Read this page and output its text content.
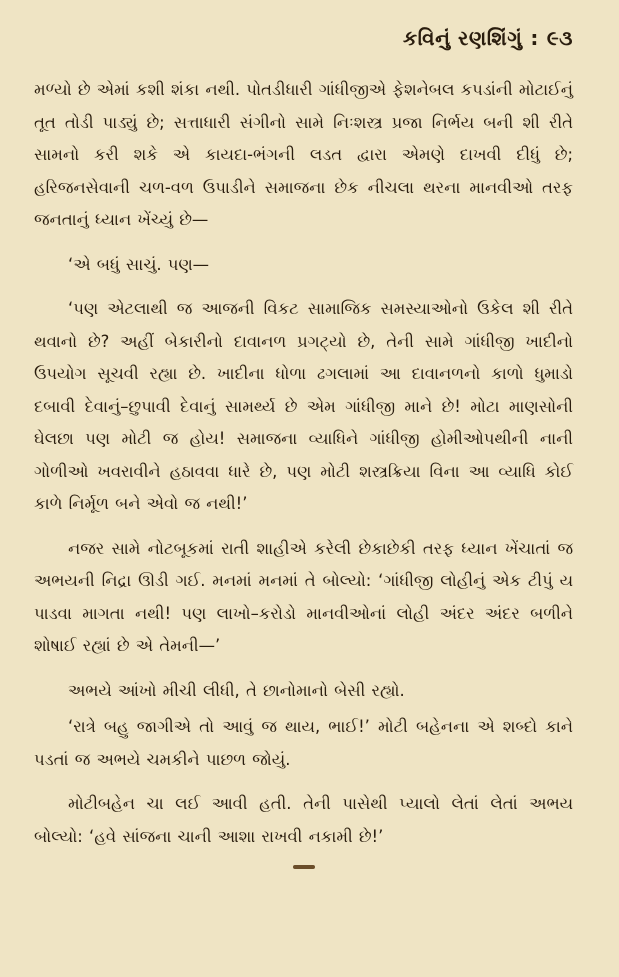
કવિનું રણશિંગું : ૯૩

મળ્યો છે એમાં કશી શંકા નથી. પોતડીધારી ગાંધીજીએ ફેશનેબલ કપડાંની મોટાઈનું તૂત તોડી પાડ્યું છે; સત્તાધારી સંગીનો સામે નિઃશસ્ત્ર પ્રજા નિર્ભય બની શી રીતે સામનો કરી શકે એ કાયદા-ભંગની લડત દ્વારા એમણે દાખવી દીધું છે; હરિજનસેવાની ચળ-વળ ઉપાડીને સમાજના છેક નીચલા થરના માનવીઓ તરફ જનતાનું ધ્યાન ખેંચ્યું છે—

‘એ બધું સાચું. પણ—

‘પણ એટલાથી જ આજની વિકટ સામાજિક સમસ્યાઓનો ઉકેલ શી રીતે થવાનો છે? અહીં બેકારીનો દાવાનળ પ્રગટ્યો છે, તેની સામે ગાંધીજી ખાદીનો ઉપયોગ સૂચવી રહ્યા છે. ખાદીના ધોળા ઢગલામાં આ દાવાનળનો કાળો ધુમાડો દબાવી દેવાનું–છુપાવી દેવાનું સામર્થ્ય છે એમ ગાંધીજી માને છે! મોટા માણસોની ઘેલછા પણ મોટી જ હોય! સમાજના વ્યાધિને ગાંધીજી હોમીઓપથીની નાની ગોળીઓ ખવરાવીને હઠાવવા ધારે છે, પણ મોટી શસ્ત્રક્રિયા વિના આ વ્યાધિ કોઈ કાળે નિર્મૂળ બને એવો જ નથી!’

નજર સામે નોટબૂકમાં રાતી શાહીએ કરેલી છેકાછેકી તરફ ધ્યાન ખેંચાતાં જ અભયની નિદ્રા ઊડી ગઈ. મનમાં મનમાં તે બોલ્યો: ‘ગાંધીજી લોહીનું એક ટીપું ય પાડવા માગતા નથી! પણ લાખો–કરોડો માનવીઓનાં લોહી અંદર અંદર બળીને શોષાઈ રહ્યાં છે એ તેમની—’

અભયે આંખો મીચી લીધી, તે છાનોમાનો બેસી રહ્યો.

‘રાત્રે બહુ જાગીએ તો આવું જ થાય, ભાઈ!’ મોટી બહેનના એ શબ્દો કાને પડતાં જ અભયે ચમકીને પાછળ જોયું.

મોટીબહેન ચા લઈ આવી હતી. તેની પાસેથી પ્યાલો લેતાં લેતાં અભય બોલ્યો: ‘હવે સાંજના ચાની આશા રાખવી નકામી છે!’
